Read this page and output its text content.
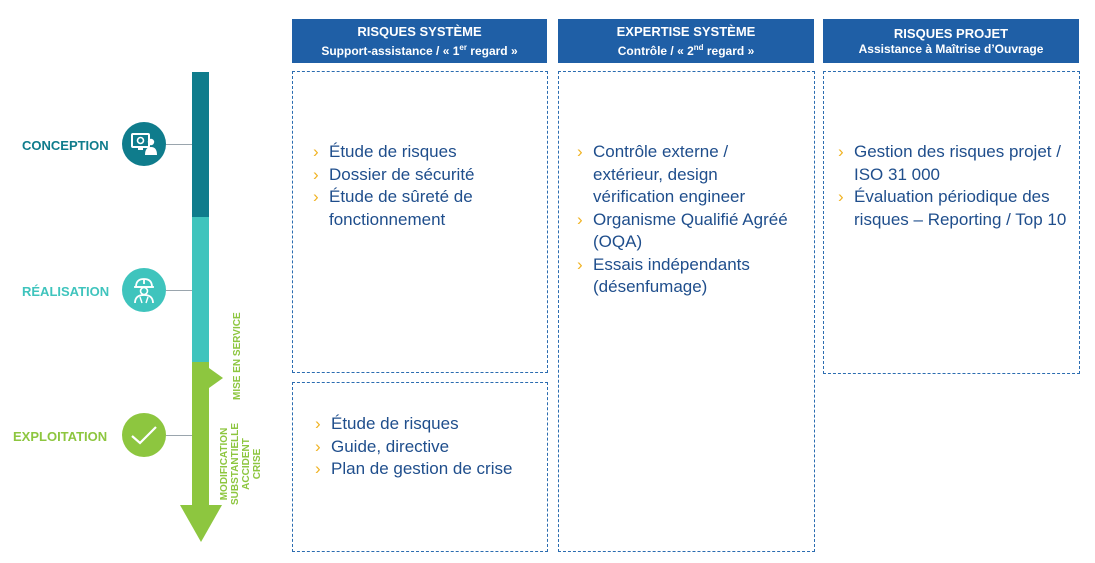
CONCEPTION
RÉALISATION
EXPLOITATION
MISE EN SERVICE
MODIFICATION SUBSTANTIELLE ACCIDENT CRISE
RISQUES SYSTÈME
Support-assistance / « 1er regard »
EXPERTISE SYSTÈME
Contrôle / « 2nd regard »
RISQUES PROJET
Assistance à Maîtrise d’Ouvrage
› Étude de risques
› Dossier de sécurité
› Étude de sûreté de fonctionnement
› Étude de risques
› Guide, directive
› Plan de gestion de crise
› Contrôle externe / extérieur, design vérification engineer
› Organisme Qualifié Agréé (OQA)
› Essais indépendants (désenfumage)
› Gestion des risques projet / ISO 31 000
› Évaluation périodique des risques – Reporting / Top 10
